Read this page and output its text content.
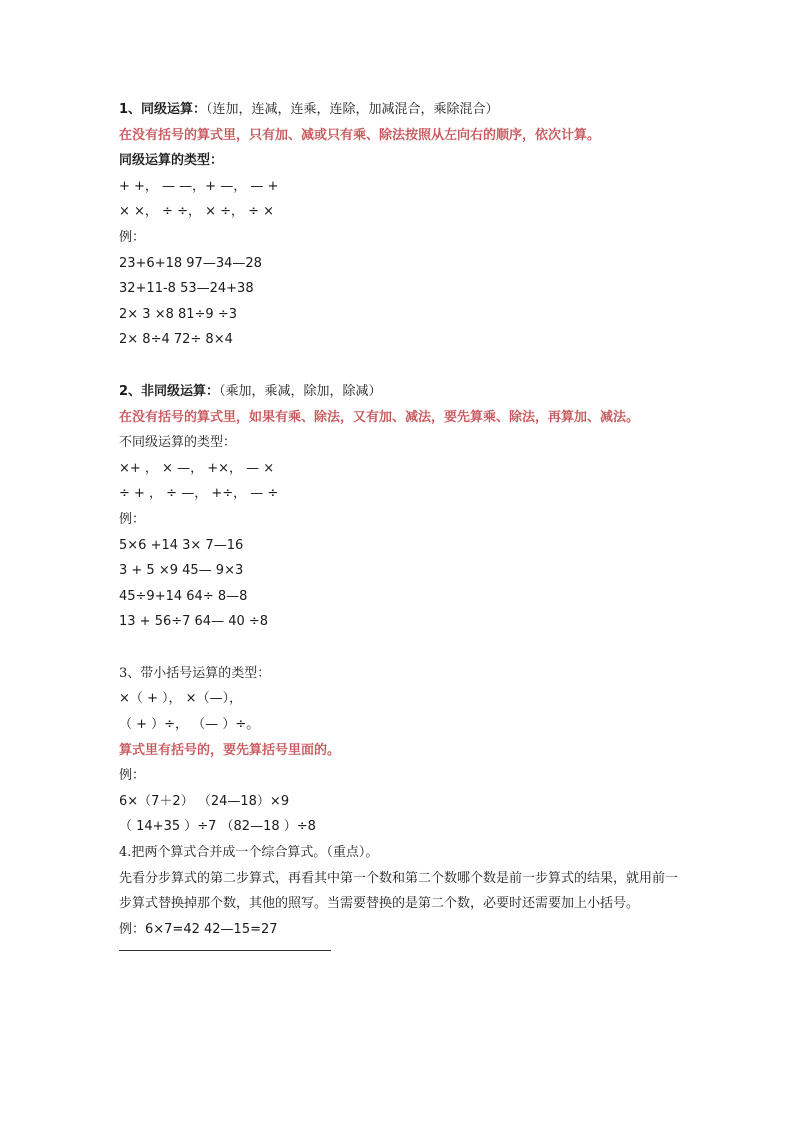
1、同级运算：（连加，连减，连乘，连除，加减混合，乘除混合）
在没有括号的算式里，只有加、减或只有乘、除法按照从左向右的顺序，依次计算。
同级运算的类型：
+ +， — —，+ —， — +
× ×， ÷ ÷， × ÷， ÷ ×
例：
23+6+18 97—34—28
32+11-8 53—24+38
2× 3 ×8 81÷9 ÷3
2× 8÷4 72÷ 8×4
2、非同级运算：（乘加，乘减，除加，除减）
在没有括号的算式里，如果有乘、除法，又有加、减法，要先算乘、除法，再算加、减法。
不同级运算的类型：
×+ ， × —， +×， — ×
÷ + ， ÷ —， +÷， — ÷
例：
5×6 +14 3× 7—16
3 + 5 ×9 45— 9×3
45÷9+14 64÷ 8—8
13 + 56÷7 64— 40 ÷8
3、带小括号运算的类型：
×（ + ）， ×（—），
（ + ）÷， （— ）÷。
算式里有括号的，要先算括号里面的。
例：
6×（7＋2） （24—18）×9
（ 14+35 ）÷7 （82—18 ）÷8
4.把两个算式合并成一个综合算式。（重点）。
先看分步算式的第二步算式，再看其中第一个数和第二个数哪个数是前一步算式的结果，就用前一步算式替换掉那个数，其他的照写。当需要替换的是第二个数，必要时还需要加上小括号。
例：6×7=42 42—15=27
